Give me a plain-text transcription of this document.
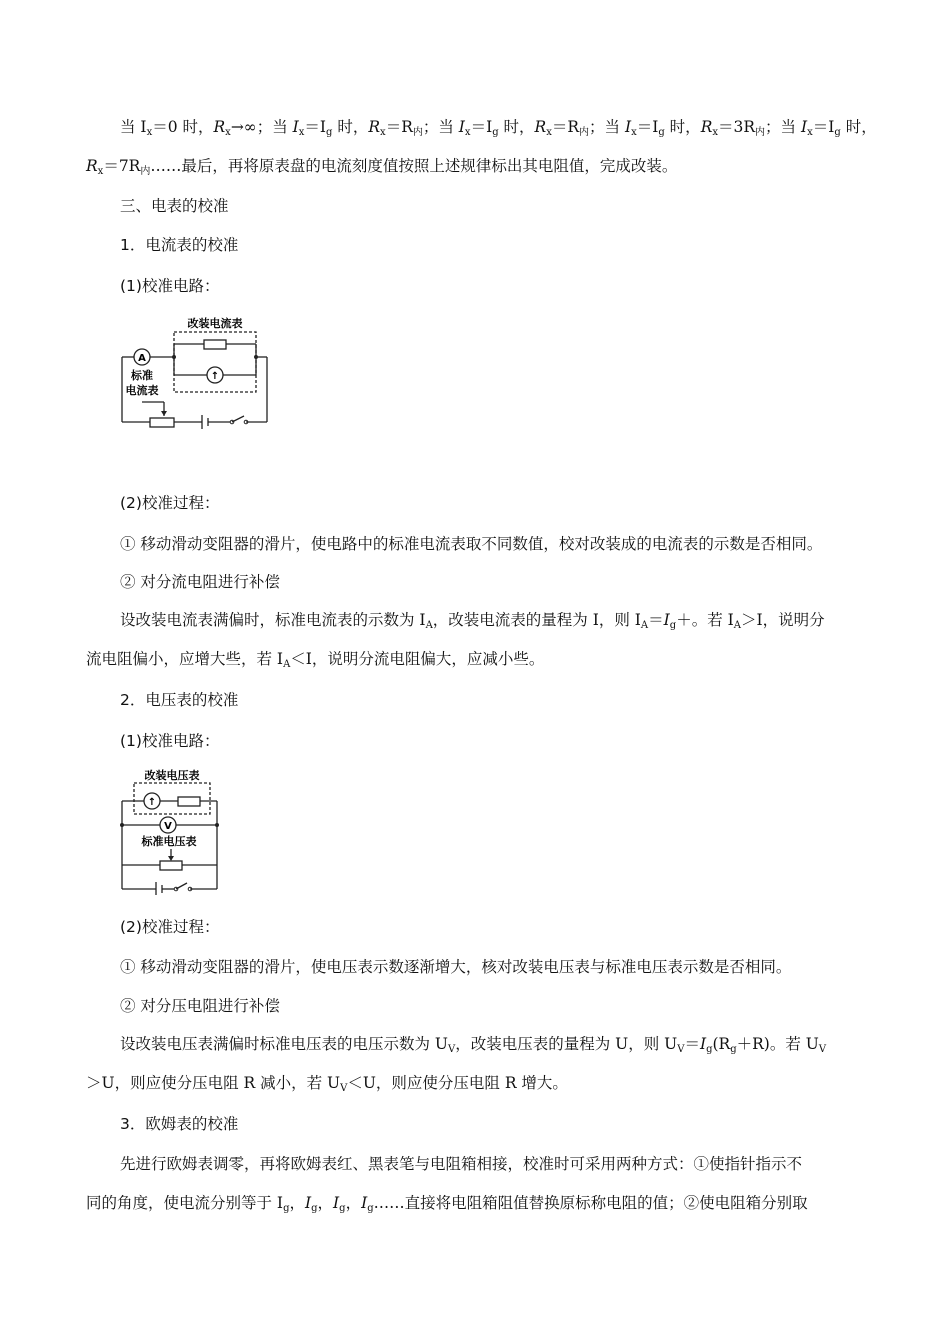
当 $I_x=0$ 时，$R_x\to\infty$；当 $I_x=I_g$ 时，$R_x=R_内$；当 $I_x=I_g$ 时，$R_x=R_内$；当 $I_x=I_g$ 时，$R_x=3R_内$；当 $I_x=I_g$ 时，
$R_x=7R_内\dots\dots$最后，再将原表盘的电流刻度值按照上述规律标出其电阻值，完成改装。
三、电表的校准
1．电流表的校准
(1)校准电路：
改装电流表
A
↑
标准
电流表
(2)校准过程：
① 移动滑动变阻器的滑片，使电路中的标准电流表取不同数值，校对改装成的电流表的示数是否相同。
② 对分流电阻进行补偿
设改装电流表满偏时，标准电流表的示数为 $I_A$，改装电流表的量程为 I，则 $I_A=I_g+$。若 $I_A>I$，说明分
流电阻偏小，应增大些，若 $I_A<I$，说明分流电阻偏大，应减小些。
2．电压表的校准
(1)校准电路：
改装电压表
↑
V
标准电压表
(2)校准过程：
① 移动滑动变阻器的滑片，使电压表示数逐渐增大，核对改装电压表与标准电压表示数是否相同。
② 对分压电阻进行补偿
设改装电压表满偏时标准电压表的电压示数为 $U_V$，改装电压表的量程为 U，则 $U_V=I_g(R_g+R)$。若 $U_V$
＞U，则应使分压电阻 R 减小，若 $U_V<U$，则应使分压电阻 R 增大。
3．欧姆表的校准
先进行欧姆表调零，再将欧姆表红、黑表笔与电阻箱相接，校准时可采用两种方式：①使指针指示不
同的角度，使电流分别等于 $I_g$，$I_g$，$I_g$，$I_g\dots\dots$直接将电阻箱阻值替换原标称电阻的值；②使电阻箱分别取
